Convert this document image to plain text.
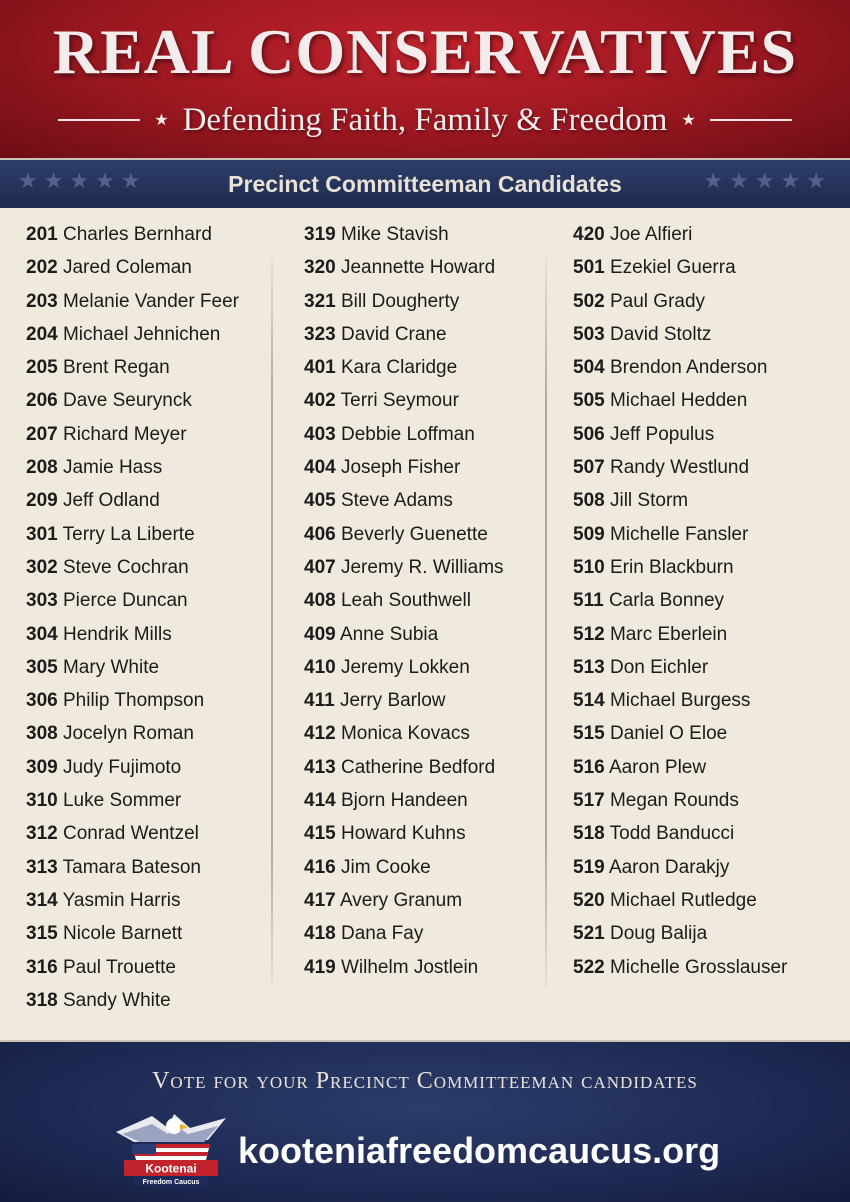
REAL CONSERVATIVES
★ Defending Faith, Family & Freedom ★
★★★★★	Precinct Committeeman Candidates	★★★★★
201 Charles Bernhard
202 Jared Coleman
203 Melanie Vander Feer
204 Michael Jehnichen
205 Brent Regan
206 Dave Seurynck
207 Richard Meyer
208 Jamie Hass
209 Jeff Odland
301 Terry La Liberte
302 Steve Cochran
303 Pierce Duncan
304 Hendrik Mills
305 Mary White
306 Philip Thompson
308 Jocelyn Roman
309 Judy Fujimoto
310 Luke Sommer
312 Conrad Wentzel
313 Tamara Bateson
314 Yasmin Harris
315 Nicole Barnett
316 Paul Trouette
318 Sandy White
319 Mike Stavish
320 Jeannette Howard
321 Bill Dougherty
323 David Crane
401 Kara Claridge
402 Terri Seymour
403 Debbie Loffman
404 Joseph Fisher
405 Steve Adams
406 Beverly Guenette
407 Jeremy R. Williams
408 Leah Southwell
409 Anne Subia
410 Jeremy Lokken
411 Jerry Barlow
412 Monica Kovacs
413 Catherine Bedford
414 Bjorn Handeen
415 Howard Kuhns
416 Jim Cooke
417 Avery Granum
418 Dana Fay
419 Wilhelm Jostlein
420 Joe Alfieri
501 Ezekiel Guerra
502 Paul Grady
503 David Stoltz
504 Brendon Anderson
505 Michael Hedden
506 Jeff Populus
507 Randy Westlund
508 Jill Storm
509 Michelle Fansler
510 Erin Blackburn
511 Carla Bonney
512 Marc Eberlein
513 Don Eichler
514 Michael Burgess
515 Daniel O Eloe
516 Aaron Plew
517 Megan Rounds
518 Todd Banducci
519 Aaron Darakjy
520 Michael Rutledge
521 Doug Balija
522 Michelle Grosslauser
Vote for your Precinct Committeeman candidates
Kootenai
Freedom Caucus
kooteniafreedomcaucus.org
